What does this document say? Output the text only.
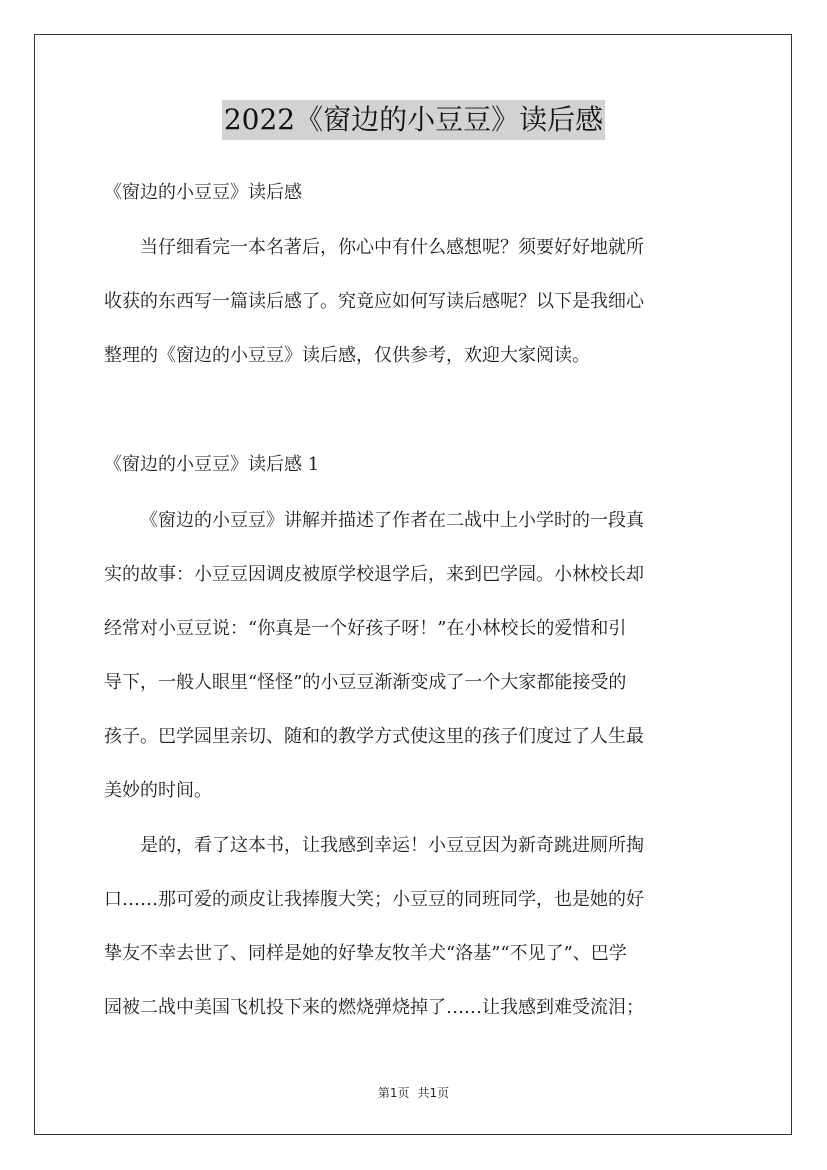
2022《窗边的小豆豆》读后感
《窗边的小豆豆》读后感
当仔细看完一本名著后，你心中有什么感想呢？须要好好地就所
收获的东西写一篇读后感了。究竟应如何写读后感呢？以下是我细心
整理的《窗边的小豆豆》读后感，仅供参考，欢迎大家阅读。
《窗边的小豆豆》读后感 1
《窗边的小豆豆》讲解并描述了作者在二战中上小学时的一段真
实的故事：小豆豆因调皮被原学校退学后，来到巴学园。小林校长却
经常对小豆豆说：“你真是一个好孩子呀！”在小林校长的爱惜和引
导下，一般人眼里“怪怪”的小豆豆渐渐变成了一个大家都能接受的
孩子。巴学园里亲切、随和的教学方式使这里的孩子们度过了人生最
美妙的时间。
是的，看了这本书，让我感到幸运！小豆豆因为新奇跳进厕所掏
口……那可爱的顽皮让我捧腹大笑；小豆豆的同班同学，也是她的好
挚友不幸去世了、同样是她的好挚友牧羊犬“洛基”“不见了”、巴学
园被二战中美国飞机投下来的燃烧弹烧掉了……让我感到难受流泪；
第1页 共1页
